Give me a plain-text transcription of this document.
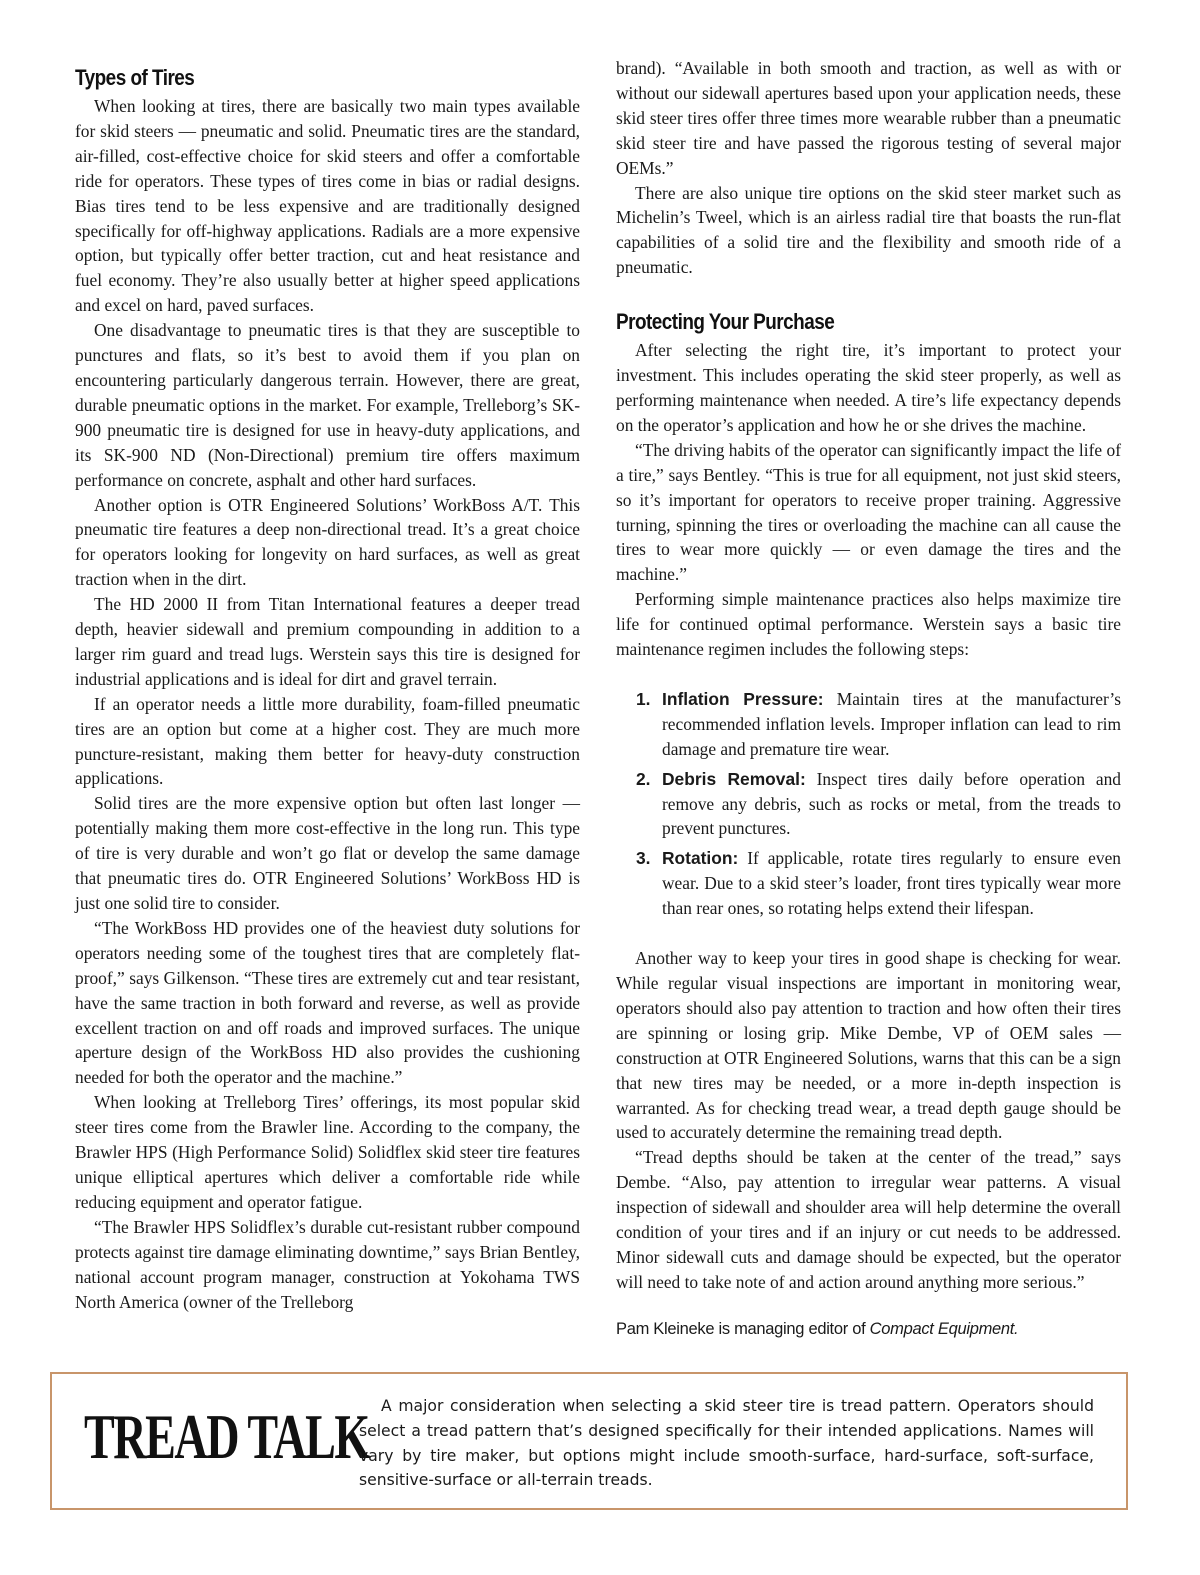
Types of Tires

When looking at tires, there are basically two main types available for skid steers — pneumatic and solid. Pneumatic tires are the standard, air-filled, cost-effective choice for skid steers and offer a comfortable ride for operators. These types of tires come in bias or radial designs. Bias tires tend to be less expensive and are traditionally designed specifically for off-highway applications. Radials are a more expensive option, but typically offer better traction, cut and heat resistance and fuel economy. They’re also usually better at higher speed applications and excel on hard, paved surfaces.

One disadvantage to pneumatic tires is that they are susceptible to punctures and flats, so it’s best to avoid them if you plan on encountering particularly dangerous terrain. However, there are great, durable pneumatic options in the market. For example, Trelleborg’s SK-900 pneumatic tire is designed for use in heavy-duty applications, and its SK-900 ND (Non-Directional) premium tire offers maximum performance on concrete, asphalt and other hard surfaces.

Another option is OTR Engineered Solutions’ WorkBoss A/T. This pneumatic tire features a deep non-directional tread. It’s a great choice for operators looking for longevity on hard surfaces, as well as great traction when in the dirt.

The HD 2000 II from Titan International features a deeper tread depth, heavier sidewall and premium compounding in addition to a larger rim guard and tread lugs. Werstein says this tire is designed for industrial applications and is ideal for dirt and gravel terrain.

If an operator needs a little more durability, foam-filled pneumatic tires are an option but come at a higher cost. They are much more puncture-resistant, making them better for heavy-duty construction applications.

Solid tires are the more expensive option but often last longer — potentially making them more cost-effective in the long run. This type of tire is very durable and won’t go flat or develop the same damage that pneumatic tires do. OTR Engineered Solutions’ WorkBoss HD is just one solid tire to consider.

“The WorkBoss HD provides one of the heaviest duty solutions for operators needing some of the toughest tires that are completely flat-proof,” says Gilkenson. “These tires are extremely cut and tear resistant, have the same traction in both forward and reverse, as well as provide excellent traction on and off roads and improved surfaces. The unique aperture design of the WorkBoss HD also provides the cushioning needed for both the operator and the machine.”

When looking at Trelleborg Tires’ offerings, its most popular skid steer tires come from the Brawler line. According to the company, the Brawler HPS (High Performance Solid) Solidflex skid steer tire features unique elliptical apertures which deliver a comfortable ride while reducing equipment and operator fatigue.

“The Brawler HPS Solidflex’s durable cut-resistant rubber compound protects against tire damage eliminating downtime,” says Brian Bentley, national account program manager, construction at Yokohama TWS North America (owner of the Trelleborg

brand). “Available in both smooth and traction, as well as with or without our sidewall apertures based upon your application needs, these skid steer tires offer three times more wearable rubber than a pneumatic skid steer tire and have passed the rigorous testing of several major OEMs.”

There are also unique tire options on the skid steer market such as Michelin’s Tweel, which is an airless radial tire that boasts the run-flat capabilities of a solid tire and the flexibility and smooth ride of a pneumatic.

Protecting Your Purchase

After selecting the right tire, it’s important to protect your investment. This includes operating the skid steer properly, as well as performing maintenance when needed. A tire’s life expectancy depends on the operator’s application and how he or she drives the machine.

“The driving habits of the operator can significantly impact the life of a tire,” says Bentley. “This is true for all equipment, not just skid steers, so it’s important for operators to receive proper training. Aggressive turning, spinning the tires or overloading the machine can all cause the tires to wear more quickly — or even damage the tires and the machine.”

Performing simple maintenance practices also helps maximize tire life for continued optimal performance. Werstein says a basic tire maintenance regimen includes the following steps:

1. Inflation Pressure: Maintain tires at the manufacturer’s recommended inflation levels. Improper inflation can lead to rim damage and premature tire wear.
2. Debris Removal: Inspect tires daily before operation and remove any debris, such as rocks or metal, from the treads to prevent punctures.
3. Rotation: If applicable, rotate tires regularly to ensure even wear. Due to a skid steer’s loader, front tires typically wear more than rear ones, so rotating helps extend their lifespan.

Another way to keep your tires in good shape is checking for wear. While regular visual inspections are important in monitoring wear, operators should also pay attention to traction and how often their tires are spinning or losing grip. Mike Dembe, VP of OEM sales — construction at OTR Engineered Solutions, warns that this can be a sign that new tires may be needed, or a more in-depth inspection is warranted. As for checking tread wear, a tread depth gauge should be used to accurately determine the remaining tread depth.

“Tread depths should be taken at the center of the tread,” says Dembe. “Also, pay attention to irregular wear patterns. A visual inspection of sidewall and shoulder area will help determine the overall condition of your tires and if an injury or cut needs to be addressed. Minor sidewall cuts and damage should be expected, but the operator will need to take note of and action around anything more serious.”

Pam Kleineke is managing editor of Compact Equipment.
TREAD TALK A major consideration when selecting a skid steer tire is tread pattern. Operators should select a tread pattern that’s designed specifically for their intended applications. Names will vary by tire maker, but options might include smooth-surface, hard-surface, soft-surface, sensitive-surface or all-terrain treads.
